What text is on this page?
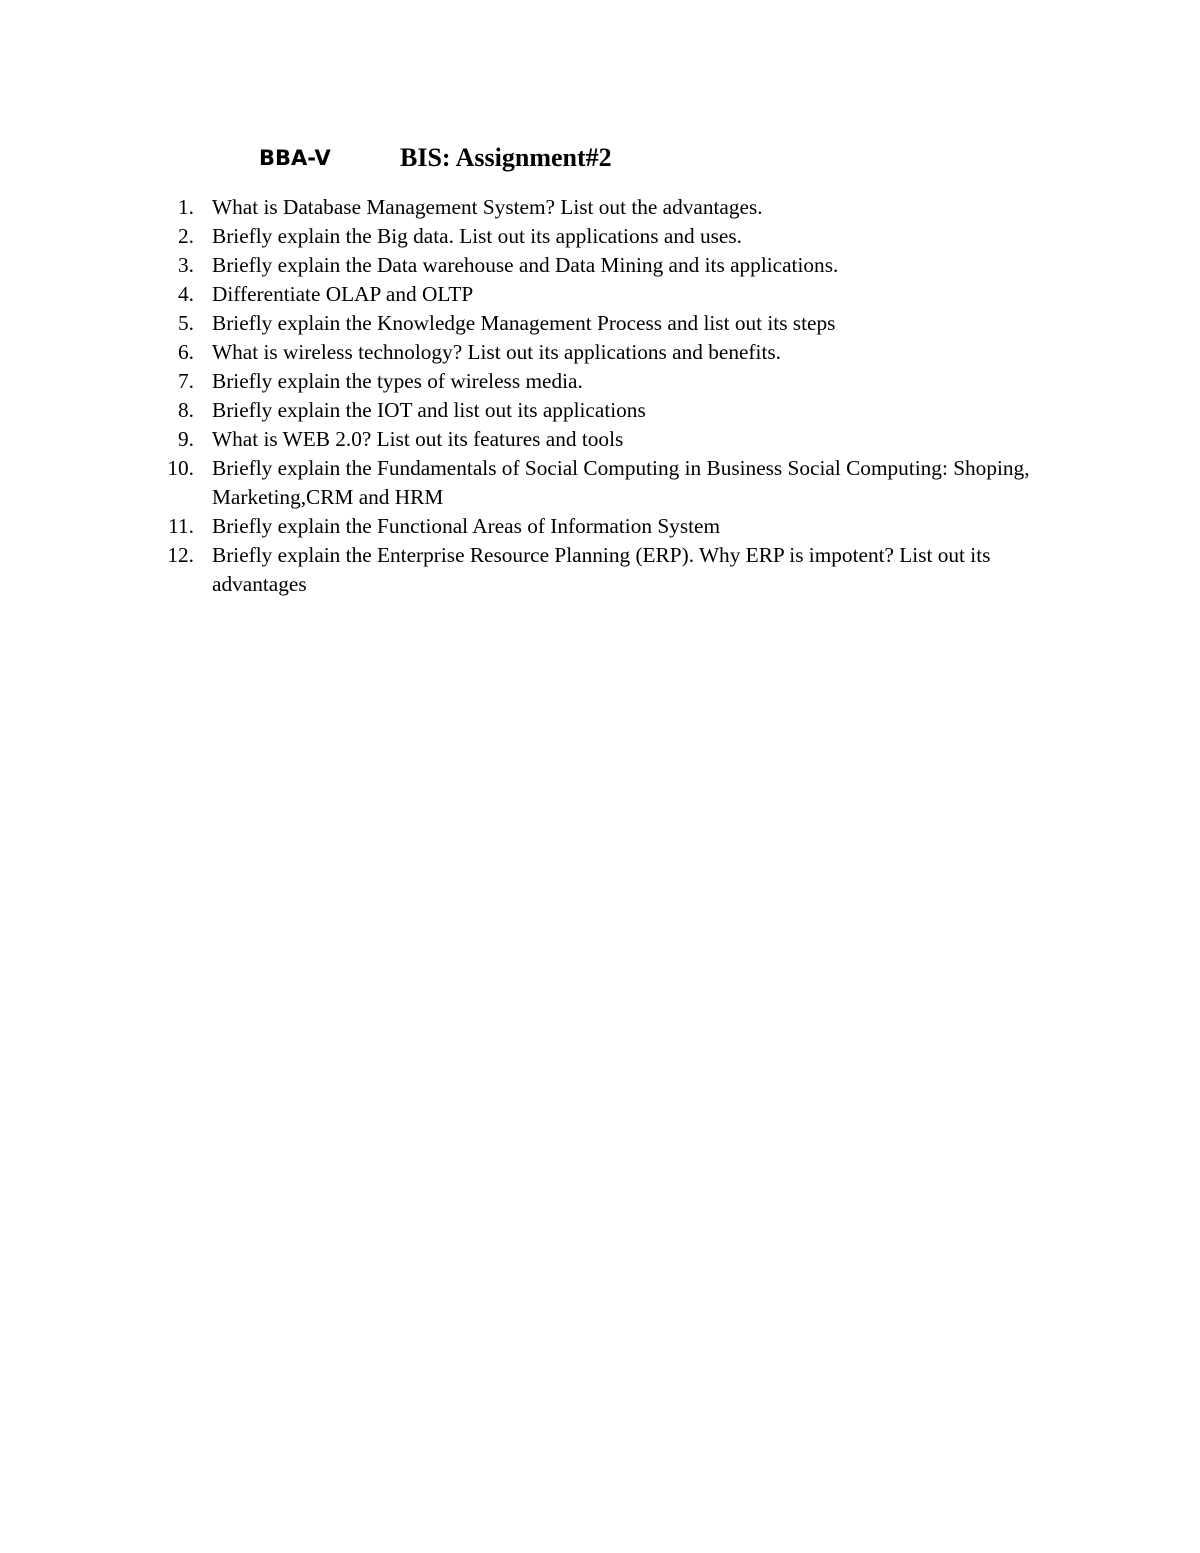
BBA-V	BIS: Assignment#2
1. What is Database Management System? List out the advantages.
2. Briefly explain the Big data. List out its applications and uses.
3. Briefly explain the Data warehouse and Data Mining and its applications.
4. Differentiate OLAP and OLTP
5. Briefly explain the Knowledge Management Process and list out its steps
6. What is wireless technology? List out its applications and benefits.
7. Briefly explain the types of wireless media.
8. Briefly explain the IOT and list out its applications
9. What is WEB 2.0? List out its features and tools
10. Briefly explain the Fundamentals of Social Computing in Business Social Computing: Shoping, Marketing,CRM and HRM
11. Briefly explain the Functional Areas of Information System
12. Briefly explain the Enterprise Resource Planning (ERP). Why ERP is impotent? List out its advantages
